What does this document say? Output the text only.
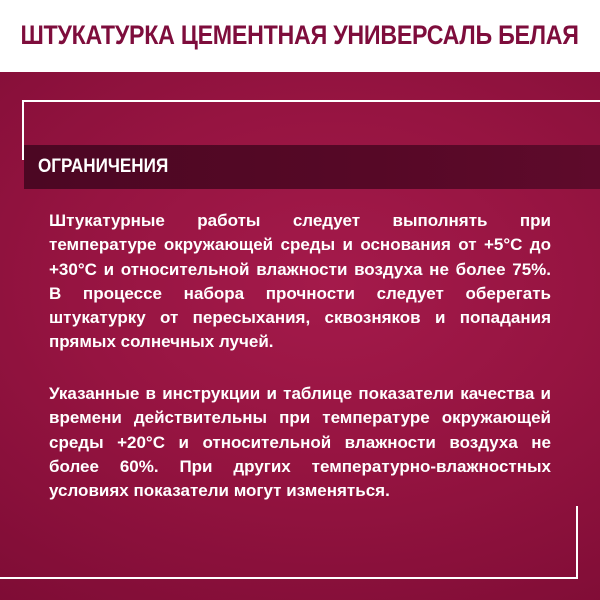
ШТУКАТУРКА ЦЕМЕНТНАЯ УНИВЕРСАЛЬ БЕЛАЯ
ОГРАНИЧЕНИЯ

Штукатурные работы следует выполнять при температуре окружающей среды и основания от +5°С до +30°С и относительной влажности воздуха не более 75%. В процессе набора прочности следует оберегать штукатурку от пересыхания, сквозняков и попадания прямых солнечных лучей.

Указанные в инструкции и таблице показатели качества и времени действительны при температуре окружающей среды +20°С и относительной влажности воздуха не более 60%. При других температурно-влажностных условиях показатели могут изменяться.
